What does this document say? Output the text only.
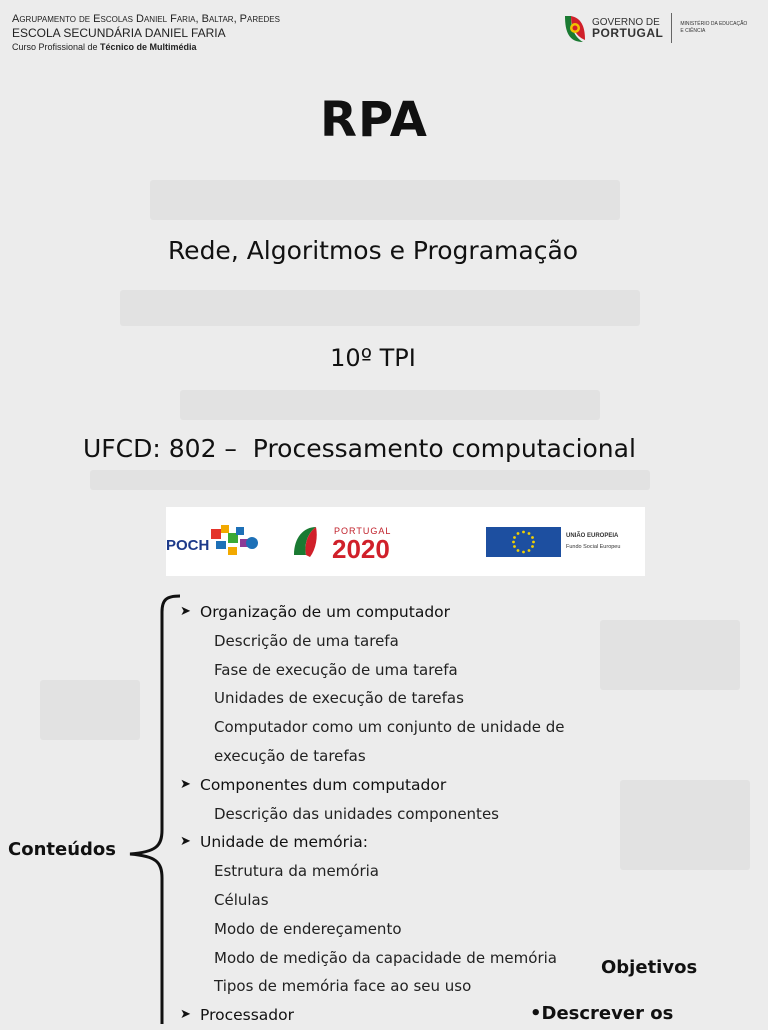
Agrupamento de Escolas Daniel Faria, Baltar, Paredes
ESCOLA SECUNDÁRIA DANIEL FARIA
Curso Profissional de Técnico de Multimédia
GOVERNO DE
PORTUGAL
MINISTÉRIO DA EDUCAÇÃO
E CIÊNCIA
RPA
Rede, Algoritmos e Programação
10º TPI
UFCD: 802 –  Processamento computacional
POCH
PORTUGAL
2020	UNIÃO EUROPEIA
Fundo Social Europeu
Conteúdos
➤ Organização de um computador
Descrição de uma tarefa
Fase de execução de uma tarefa
Unidades de execução de tarefas
Computador como um conjunto de unidade de
execução de tarefas
➤ Componentes dum computador
Descrição das unidades componentes
➤ Unidade de memória:
Estrutura da memória
Células
Modo de endereçamento
Modo de medição da capacidade de memória
Tipos de memória face ao seu uso
➤ Processador
Objetivos
•Descrever os
